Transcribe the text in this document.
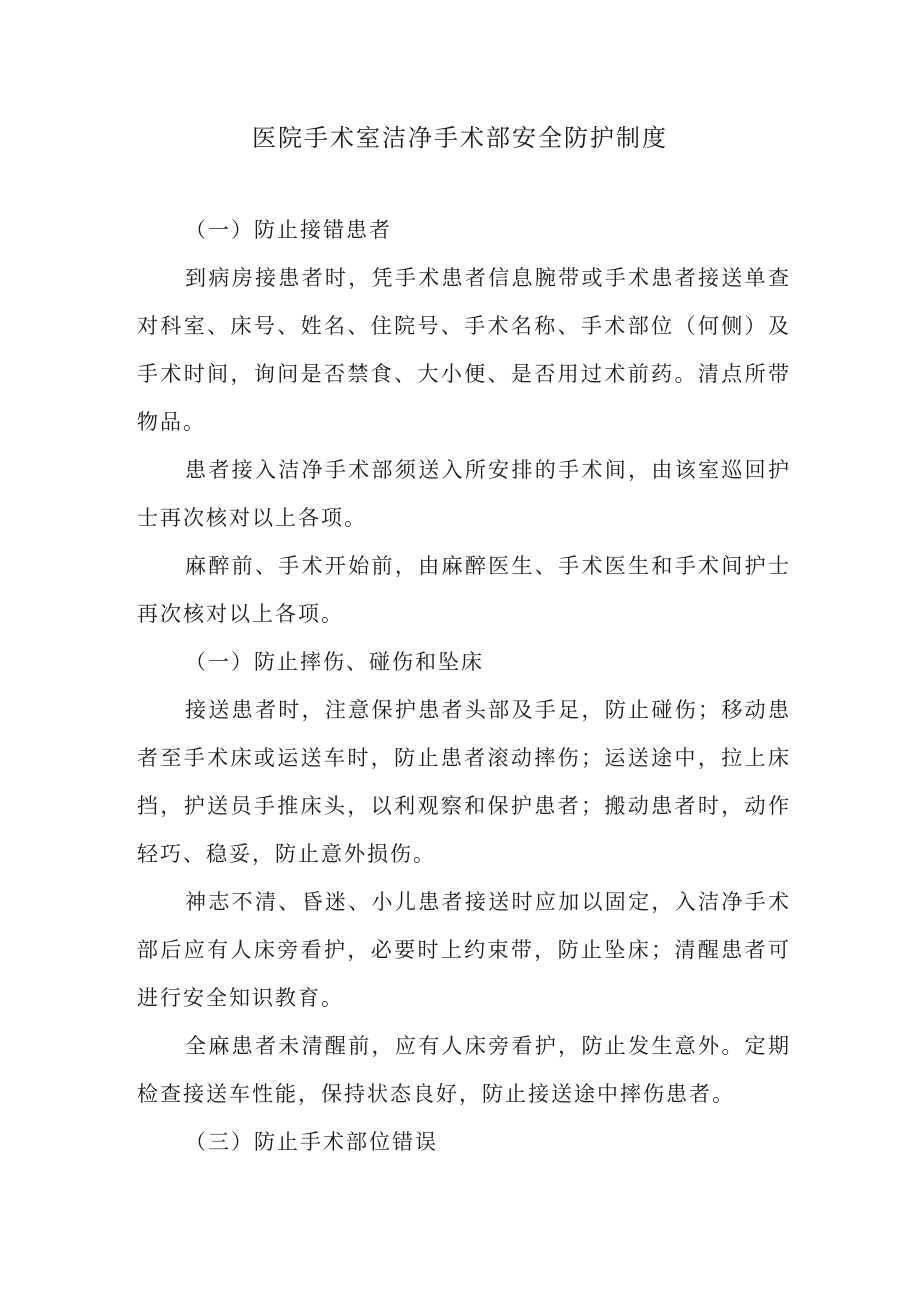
医院手术室洁净手术部安全防护制度
（一）防止接错患者

到病房接患者时，凭手术患者信息腕带或手术患者接送单查对科室、床号、姓名、住院号、手术名称、手术部位（何侧）及手术时间，询问是否禁食、大小便、是否用过术前药。清点所带物品。

患者接入洁净手术部须送入所安排的手术间，由该室巡回护士再次核对以上各项。

麻醉前、手术开始前，由麻醉医生、手术医生和手术间护士再次核对以上各项。

（一）防止摔伤、碰伤和坠床

接送患者时，注意保护患者头部及手足，防止碰伤；移动患者至手术床或运送车时，防止患者滚动摔伤；运送途中，拉上床挡，护送员手推床头，以利观察和保护患者；搬动患者时，动作轻巧、稳妥，防止意外损伤。

神志不清、昏迷、小儿患者接送时应加以固定，入洁净手术部后应有人床旁看护，必要时上约束带，防止坠床；清醒患者可进行安全知识教育。

全麻患者未清醒前，应有人床旁看护，防止发生意外。定期检查接送车性能，保持状态良好，防止接送途中摔伤患者。

（三）防止手术部位错误
